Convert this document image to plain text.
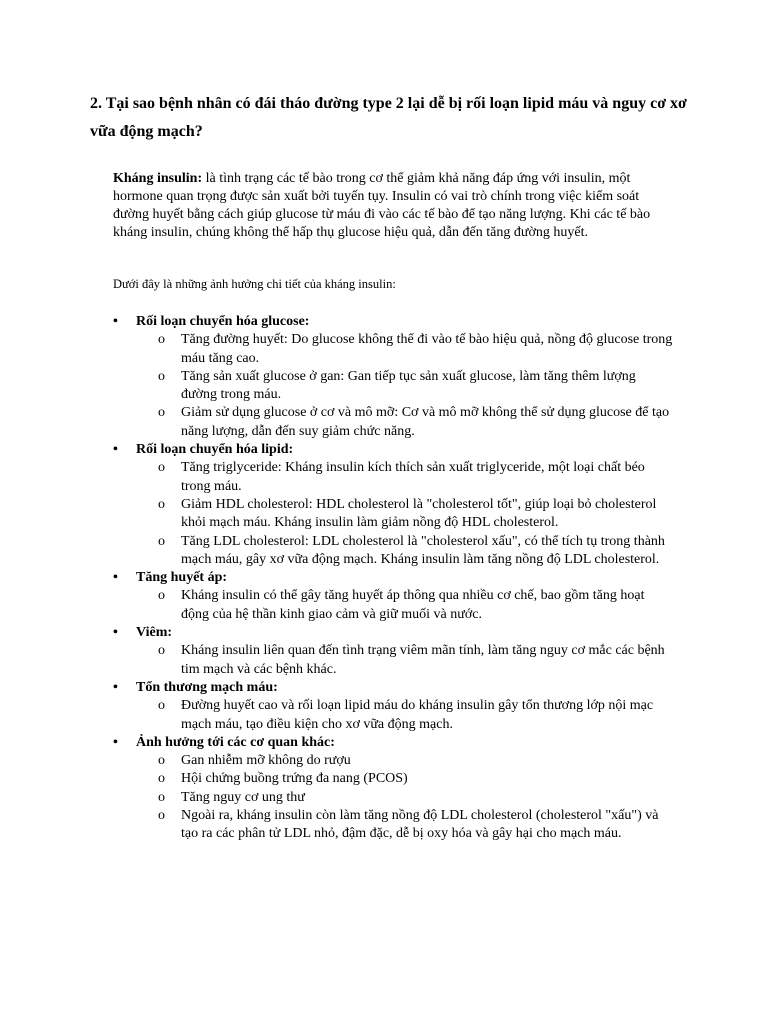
2. Tại sao bệnh nhân có đái tháo đường type 2 lại dễ bị rối loạn lipid máu và nguy cơ xơ vữa động mạch?

Kháng insulin: là tình trạng các tế bào trong cơ thể giảm khả năng đáp ứng với insulin, một hormone quan trọng được sản xuất bởi tuyến tụy. Insulin có vai trò chính trong việc kiểm soát đường huyết bằng cách giúp glucose từ máu đi vào các tế bào để tạo năng lượng. Khi các tế bào kháng insulin, chúng không thể hấp thụ glucose hiệu quả, dẫn đến tăng đường huyết.

Dưới đây là những ảnh hưởng chi tiết của kháng insulin:

• Rối loạn chuyển hóa glucose:
o Tăng đường huyết: Do glucose không thể đi vào tế bào hiệu quả, nồng độ glucose trong máu tăng cao.
o Tăng sản xuất glucose ở gan: Gan tiếp tục sản xuất glucose, làm tăng thêm lượng đường trong máu.
o Giảm sử dụng glucose ở cơ và mô mỡ: Cơ và mô mỡ không thể sử dụng glucose để tạo năng lượng, dẫn đến suy giảm chức năng.
• Rối loạn chuyển hóa lipid:
o Tăng triglyceride: Kháng insulin kích thích sản xuất triglyceride, một loại chất béo trong máu.
o Giảm HDL cholesterol: HDL cholesterol là "cholesterol tốt", giúp loại bỏ cholesterol khỏi mạch máu. Kháng insulin làm giảm nồng độ HDL cholesterol.
o Tăng LDL cholesterol: LDL cholesterol là "cholesterol xấu", có thể tích tụ trong thành mạch máu, gây xơ vữa động mạch. Kháng insulin làm tăng nồng độ LDL cholesterol.
• Tăng huyết áp:
o Kháng insulin có thể gây tăng huyết áp thông qua nhiều cơ chế, bao gồm tăng hoạt động của hệ thần kinh giao cảm và giữ muối và nước.
• Viêm:
o Kháng insulin liên quan đến tình trạng viêm mãn tính, làm tăng nguy cơ mắc các bệnh tim mạch và các bệnh khác.
• Tổn thương mạch máu:
o Đường huyết cao và rối loạn lipid máu do kháng insulin gây tổn thương lớp nội mạc mạch máu, tạo điều kiện cho xơ vữa động mạch.
• Ảnh hưởng tới các cơ quan khác:
o Gan nhiễm mỡ không do rượu
o Hội chứng buồng trứng đa nang (PCOS)
o Tăng nguy cơ ung thư
o Ngoài ra, kháng insulin còn làm tăng nồng độ LDL cholesterol (cholesterol "xấu") và tạo ra các phân tử LDL nhỏ, đậm đặc, dễ bị oxy hóa và gây hại cho mạch máu.
